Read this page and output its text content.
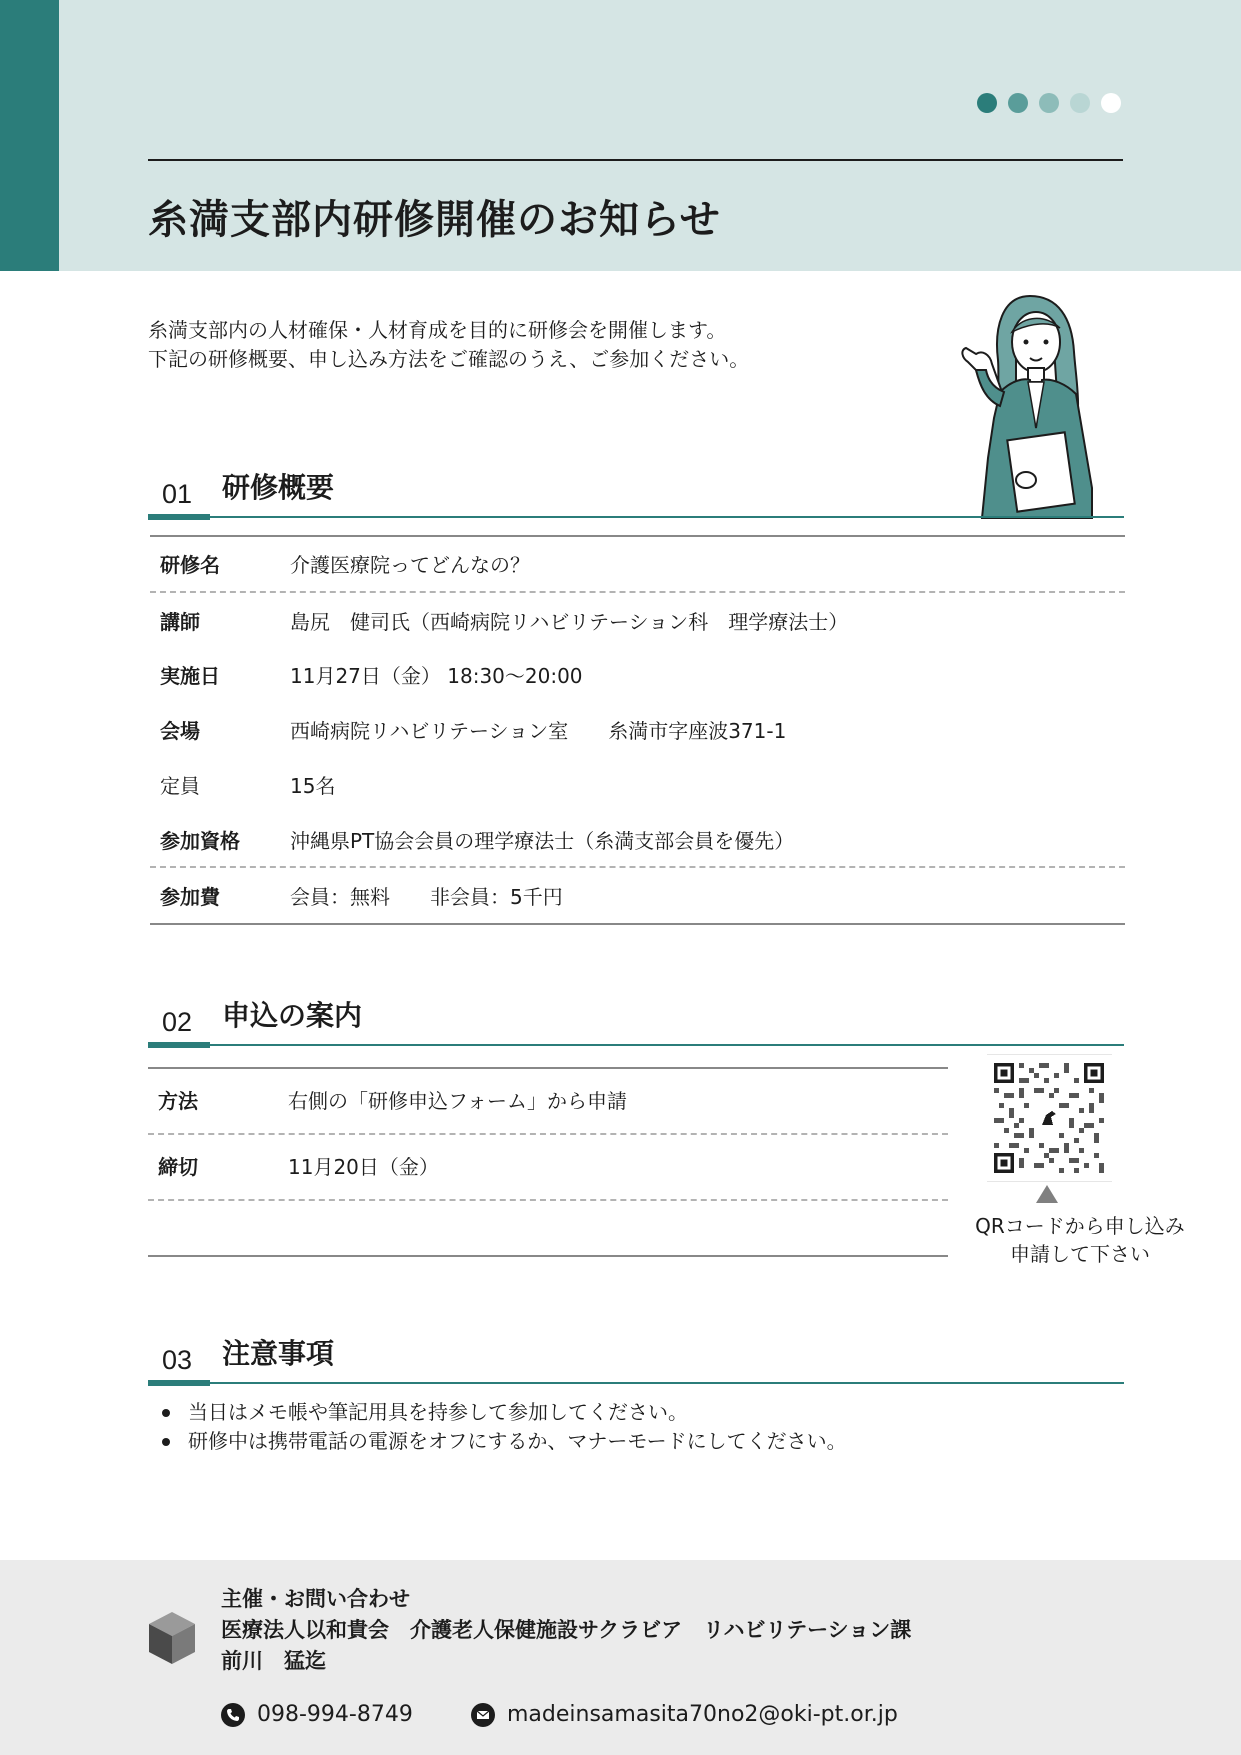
糸満支部内研修開催のお知らせ
糸満支部内の人材確保・人材育成を目的に研修会を開催します。
下記の研修概要、申し込み方法をご確認のうえ、ご参加ください。
01 研修概要
研修名	介護医療院ってどんなの？
講師	島尻　健司氏（西崎病院リハビリテーション科　理学療法士）
実施日	11月27日（金） 18:30～20:00
会場	西崎病院リハビリテーション室　　糸満市字座波371-1
定員	15名
参加資格	沖縄県PT協会会員の理学療法士（糸満支部会員を優先）
参加費	会員：無料　　非会員：5千円
02 申込の案内
方法	右側の「研修申込フォーム」から申請
締切	11月20日（金）
QRコードから申し込み
申請して下さい
03 注意事項
当日はメモ帳や筆記用具を持参して参加してください。
研修中は携帯電話の電源をオフにするか、マナーモードにしてください。
主催・お問い合わせ
医療法人以和貴会　介護老人保健施設サクラビア　リハビリテーション課
前川　猛迄
098-994-8749	madeinsamasita70no2@oki-pt.or.jp
